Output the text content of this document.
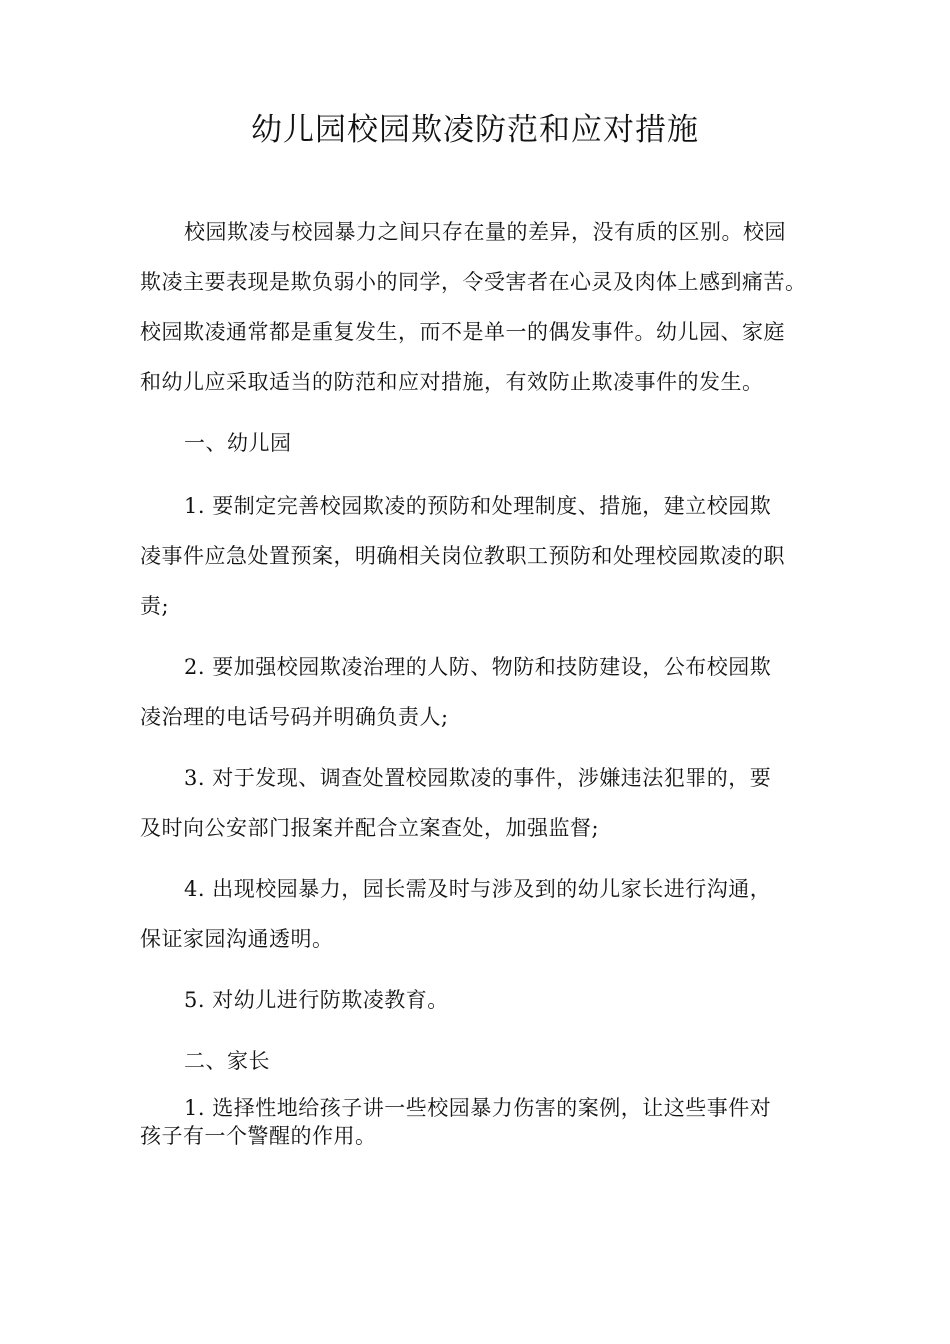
幼儿园校园欺凌防范和应对措施
校园欺凌与校园暴力之间只存在量的差异，没有质的区别。校园
欺凌主要表现是欺负弱小的同学，令受害者在心灵及肉体上感到痛苦。
校园欺凌通常都是重复发生，而不是单一的偶发事件。幼儿园、家庭
和幼儿应采取适当的防范和应对措施，有效防止欺凌事件的发生。
一、幼儿园
1. 要制定完善校园欺凌的预防和处理制度、措施，建立校园欺
凌事件应急处置预案，明确相关岗位教职工预防和处理校园欺凌的职
责;
2. 要加强校园欺凌治理的人防、物防和技防建设，公布校园欺
凌治理的电话号码并明确负责人;
3. 对于发现、调查处置校园欺凌的事件，涉嫌违法犯罪的，要
及时向公安部门报案并配合立案查处，加强监督;
4. 出现校园暴力，园长需及时与涉及到的幼儿家长进行沟通，
保证家园沟通透明。
5. 对幼儿进行防欺凌教育。
二、家长
1. 选择性地给孩子讲一些校园暴力伤害的案例，让这些事件对
孩子有一个警醒的作用。
